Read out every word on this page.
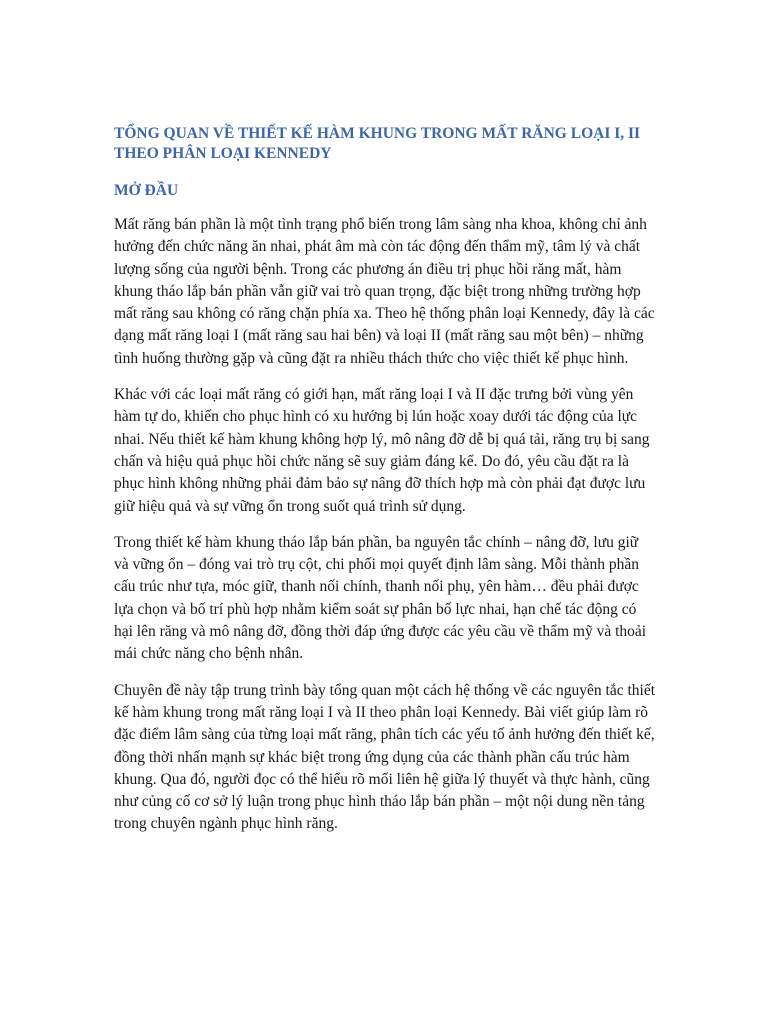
TỔNG QUAN VỀ THIẾT KẾ HÀM KHUNG TRONG MẤT RĂNG LOẠI I, II THEO PHÂN LOẠI KENNEDY
MỞ ĐẦU

Mất răng bán phần là một tình trạng phổ biến trong lâm sàng nha khoa, không chỉ ảnh hưởng đến chức năng ăn nhai, phát âm mà còn tác động đến thẩm mỹ, tâm lý và chất lượng sống của người bệnh. Trong các phương án điều trị phục hồi răng mất, hàm khung tháo lắp bán phần vẫn giữ vai trò quan trọng, đặc biệt trong những trường hợp mất răng sau không có răng chặn phía xa. Theo hệ thống phân loại Kennedy, đây là các dạng mất răng loại I (mất răng sau hai bên) và loại II (mất răng sau một bên) – những tình huống thường gặp và cũng đặt ra nhiều thách thức cho việc thiết kế phục hình.

Khác với các loại mất răng có giới hạn, mất răng loại I và II đặc trưng bởi vùng yên hàm tự do, khiến cho phục hình có xu hướng bị lún hoặc xoay dưới tác động của lực nhai. Nếu thiết kế hàm khung không hợp lý, mô nâng đỡ dễ bị quá tải, răng trụ bị sang chấn và hiệu quả phục hồi chức năng sẽ suy giảm đáng kể. Do đó, yêu cầu đặt ra là phục hình không những phải đảm bảo sự nâng đỡ thích hợp mà còn phải đạt được lưu giữ hiệu quả và sự vững ổn trong suốt quá trình sử dụng.

Trong thiết kế hàm khung tháo lắp bán phần, ba nguyên tắc chính – nâng đỡ, lưu giữ và vững ổn – đóng vai trò trụ cột, chi phối mọi quyết định lâm sàng. Mỗi thành phần cấu trúc như tựa, móc giữ, thanh nối chính, thanh nối phụ, yên hàm… đều phải được lựa chọn và bố trí phù hợp nhằm kiểm soát sự phân bố lực nhai, hạn chế tác động có hại lên răng và mô nâng đỡ, đồng thời đáp ứng được các yêu cầu về thẩm mỹ và thoải mái chức năng cho bệnh nhân.

Chuyên đề này tập trung trình bày tổng quan một cách hệ thống về các nguyên tắc thiết kế hàm khung trong mất răng loại I và II theo phân loại Kennedy. Bài viết giúp làm rõ đặc điểm lâm sàng của từng loại mất răng, phân tích các yếu tố ảnh hưởng đến thiết kế, đồng thời nhấn mạnh sự khác biệt trong ứng dụng của các thành phần cấu trúc hàm khung. Qua đó, người đọc có thể hiểu rõ mối liên hệ giữa lý thuyết và thực hành, cũng như củng cố cơ sở lý luận trong phục hình tháo lắp bán phần – một nội dung nền tảng trong chuyên ngành phục hình răng.
